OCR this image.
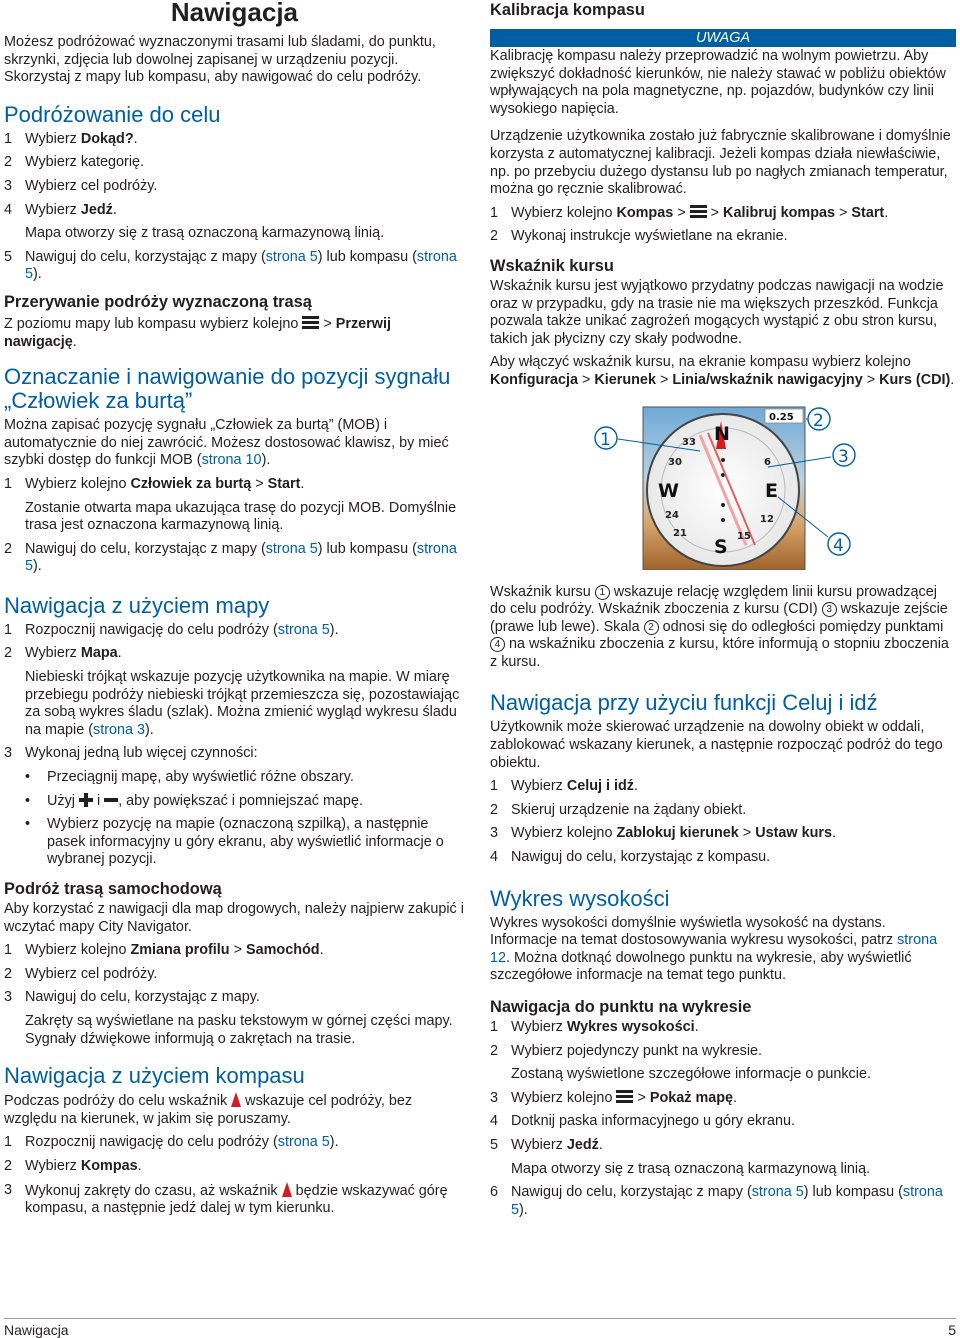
Nawigacja

Możesz podróżować wyznaczonymi trasami lub śladami, do punktu, skrzynki, zdjęcia lub dowolnej zapisanej w urządzeniu pozycji. Skorzystaj z mapy lub kompasu, aby nawigować do celu podróży.

Podróżowanie do celu
1 Wybierz Dokąd?.
2 Wybierz kategorię.
3 Wybierz cel podróży.
4 Wybierz Jedź.
Mapa otworzy się z trasą oznaczoną karmazynową linią.
5 Nawiguj do celu, korzystając z mapy (strona 5) lub kompasu (strona 5).
Przerywanie podróży wyznaczoną trasą

Z poziomu mapy lub kompasu wybierz kolejno  > Przerwij nawigację.

Oznaczanie i nawigowanie do pozycji sygnału „Człowiek za burtą”

Można zapisać pozycję sygnału „Człowiek za burtą” (MOB) i automatycznie do niej zawrócić. Możesz dostosować klawisz, by mieć szybki dostęp do funkcji MOB (strona 10).

1 Wybierz kolejno Człowiek za burtą > Start.
Zostanie otwarta mapa ukazująca trasę do pozycji MOB. Domyślnie trasa jest oznaczona karmazynową linią.
2 Nawiguj do celu, korzystając z mapy (strona 5) lub kompasu (strona 5).
Nawigacja z użyciem mapy
1 Rozpocznij nawigację do celu podróży (strona 5).
2 Wybierz Mapa.
Niebieski trójkąt wskazuje pozycję użytkownika na mapie. W miarę przebiegu podróży niebieski trójkąt przemieszcza się, pozostawiając za sobą wykres śladu (szlak). Można zmienić wygląd wykresu śladu na mapie (strona 3).
3 Wykonaj jedną lub więcej czynności:
•	Przeciągnij mapę, aby wyświetlić różne obszary.
•	Użyj  i , aby powiększać i pomniejszać mapę.
•	Wybierz pozycję na mapie (oznaczoną szpilką), a następnie pasek informacyjny u góry ekranu, aby wyświetlić informacje o wybranej pozycji.
Podróż trasą samochodową

Aby korzystać z nawigacji dla map drogowych, należy najpierw zakupić i wczytać mapy City Navigator.

1 Wybierz kolejno Zmiana profilu > Samochód.
2 Wybierz cel podróży.
3 Nawiguj do celu, korzystając z mapy.
Zakręty są wyświetlane na pasku tekstowym w górnej części mapy. Sygnały dźwiękowe informują o zakrętach na trasie.
Nawigacja z użyciem kompasu

Podczas podróży do celu wskaźnik  wskazuje cel podróży, bez względu na kierunek, w jakim się poruszamy.

1 Rozpocznij nawigację do celu podróży (strona 5).
2 Wybierz Kompas.
3 Wykonuj zakręty do czasu, aż wskaźnik  będzie wskazywać górę kompasu, a następnie jedź dalej w tym kierunku.
Kalibracja kompasu
UWAGA

Kalibrację kompasu należy przeprowadzić na wolnym powietrzu. Aby zwiększyć dokładność kierunków, nie należy stawać w pobliżu obiektów wpływających na pola magnetyczne, np. pojazdów, budynków czy linii wysokiego napięcia.

Urządzenie użytkownika zostało już fabrycznie skalibrowane i domyślnie korzysta z automatycznej kalibracji. Jeżeli kompas działa niewłaściwie, np. po przebyciu dużego dystansu lub po nagłych zmianach temperatur, można go ręcznie skalibrować.

1 Wybierz kolejno Kompas >  > Kalibruj kompas > Start.
2 Wykonaj instrukcje wyświetlane na ekranie.
Wskaźnik kursu

Wskaźnik kursu jest wyjątkowo przydatny podczas nawigacji na wodzie oraz w przypadku, gdy na trasie nie ma większych przeszkód. Funkcja pozwala także unikać zagrożeń mogących wystąpić z obu stron kursu, takich jak płycizny czy skały podwodne.

Aby włączyć wskaźnik kursu, na ekranie kompasu wybierz kolejno Konfiguracja > Kierunek > Linia/wskaźnik nawigacyjny > Kurs (CDI).

N
E
S
W
33
6
30
12
24
15
21
0.25
1
2
3
4

Wskaźnik kursu 1 wskazuje relację względem linii kursu prowadzącej do celu podróży. Wskaźnik zboczenia z kursu (CDI) 3 wskazuje zejście (prawe lub lewe). Skala 2 odnosi się do odległości pomiędzy punktami 4 na wskaźniku zboczenia z kursu, które informują o stopniu zboczenia z kursu.

Nawigacja przy użyciu funkcji Celuj i idź

Użytkownik może skierować urządzenie na dowolny obiekt w oddali, zablokować wskazany kierunek, a następnie rozpocząć podróż do tego obiektu.

1 Wybierz Celuj i idź.
2 Skieruj urządzenie na żądany obiekt.
3 Wybierz kolejno Zablokuj kierunek > Ustaw kurs.
4 Nawiguj do celu, korzystając z kompasu.
Wykres wysokości

Wykres wysokości domyślnie wyświetla wysokość na dystans. Informacje na temat dostosowywania wykresu wysokości, patrz strona 12. Można dotknąć dowolnego punktu na wykresie, aby wyświetlić szczegółowe informacje na temat tego punktu.

Nawigacja do punktu na wykresie
1 Wybierz Wykres wysokości.
2 Wybierz pojedynczy punkt na wykresie.
Zostaną wyświetlone szczegółowe informacje o punkcie.
3 Wybierz kolejno  > Pokaż mapę.
4 Dotknij paska informacyjnego u góry ekranu.
5 Wybierz Jedź.
Mapa otworzy się z trasą oznaczoną karmazynową linią.
6 Nawiguj do celu, korzystając z mapy (strona 5) lub kompasu (strona 5).
Nawigacja	5
